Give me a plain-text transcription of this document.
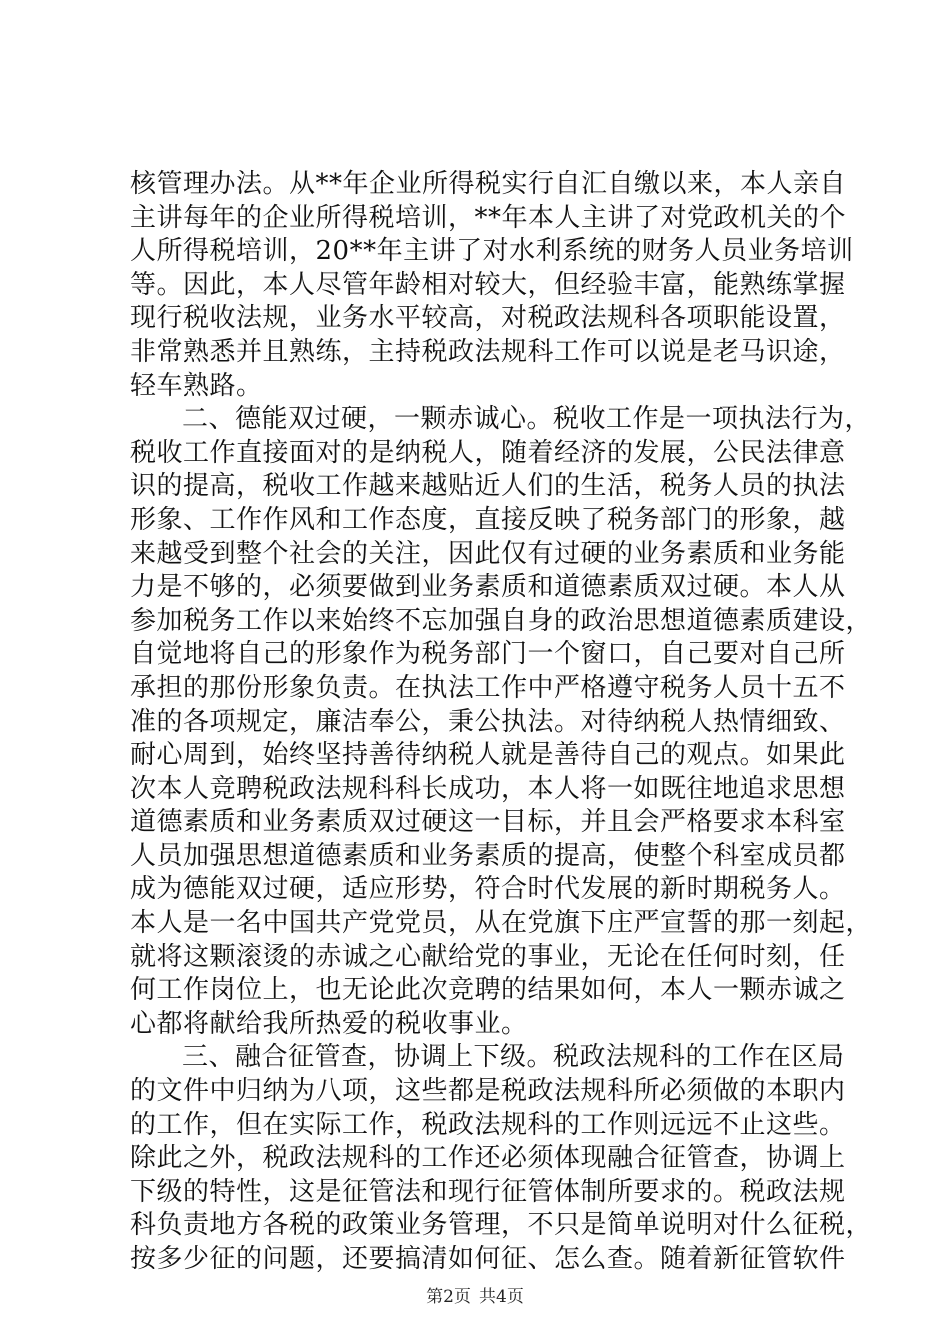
核管理办法。从**年企业所得税实行自汇自缴以来，本人亲自
主讲每年的企业所得税培训，**年本人主讲了对党政机关的个
人所得税培训，20**年主讲了对水利系统的财务人员业务培训
等。因此，本人尽管年龄相对较大，但经验丰富，能熟练掌握
现行税收法规，业务水平较高，对税政法规科各项职能设置，
非常熟悉并且熟练，主持税政法规科工作可以说是老马识途，
轻车熟路。
二、德能双过硬，一颗赤诚心。税收工作是一项执法行为，
税收工作直接面对的是纳税人，随着经济的发展，公民法律意
识的提高，税收工作越来越贴近人们的生活，税务人员的执法
形象、工作作风和工作态度，直接反映了税务部门的形象，越
来越受到整个社会的关注，因此仅有过硬的业务素质和业务能
力是不够的，必须要做到业务素质和道德素质双过硬。本人从
参加税务工作以来始终不忘加强自身的政治思想道德素质建设，
自觉地将自己的形象作为税务部门一个窗口，自己要对自己所
承担的那份形象负责。在执法工作中严格遵守税务人员十五不
准的各项规定，廉洁奉公，秉公执法。对待纳税人热情细致、
耐心周到，始终坚持善待纳税人就是善待自己的观点。如果此
次本人竞聘税政法规科科长成功，本人将一如既往地追求思想
道德素质和业务素质双过硬这一目标，并且会严格要求本科室
人员加强思想道德素质和业务素质的提高，使整个科室成员都
成为德能双过硬，适应形势，符合时代发展的新时期税务人。
本人是一名中国共产党党员，从在党旗下庄严宣誓的那一刻起，
就将这颗滚烫的赤诚之心献给党的事业，无论在任何时刻，任
何工作岗位上，也无论此次竞聘的结果如何，本人一颗赤诚之
心都将献给我所热爱的税收事业。
三、融合征管查，协调上下级。税政法规科的工作在区局
的文件中归纳为八项，这些都是税政法规科所必须做的本职内
的工作，但在实际工作，税政法规科的工作则远远不止这些。
除此之外，税政法规科的工作还必须体现融合征管查，协调上
下级的特性，这是征管法和现行征管体制所要求的。税政法规
科负责地方各税的政策业务管理，不只是简单说明对什么征税，
按多少征的问题，还要搞清如何征、怎么查。随着新征管软件
第2页 共4页
